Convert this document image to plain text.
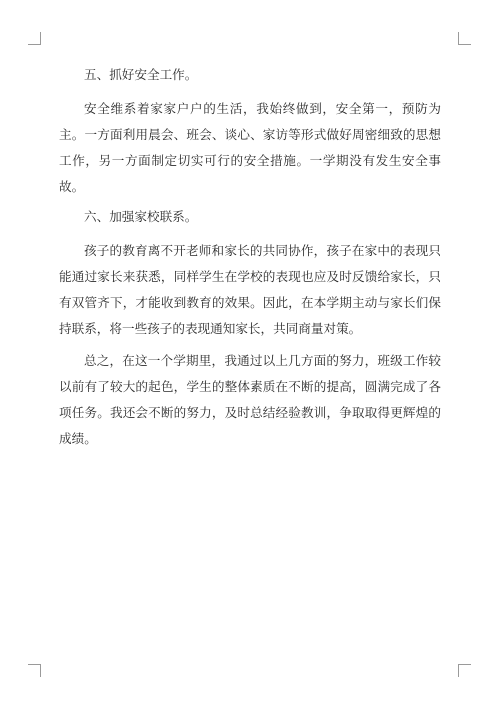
五、抓好安全工作。

安全维系着家家户户的生活，我始终做到，安全第一，预防为主。一方面利用晨会、班会、谈心、家访等形式做好周密细致的思想工作，另一方面制定切实可行的安全措施。一学期没有发生安全事故。

六、加强家校联系。

孩子的教育离不开老师和家长的共同协作，孩子在家中的表现只能通过家长来获悉，同样学生在学校的表现也应及时反馈给家长，只有双管齐下，才能收到教育的效果。因此，在本学期主动与家长们保持联系，将一些孩子的表现通知家长，共同商量对策。

总之，在这一个学期里，我通过以上几方面的努力，班级工作较以前有了较大的起色，学生的整体素质在不断的提高，圆满完成了各项任务。我还会不断的努力，及时总结经验教训，争取取得更辉煌的成绩。
